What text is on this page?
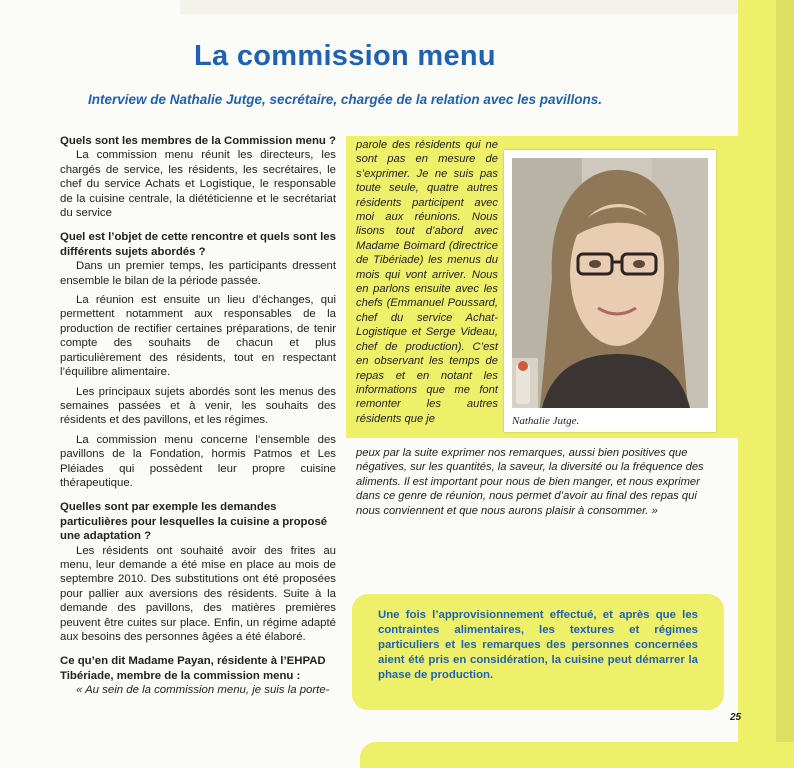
La commission menu
Interview de Nathalie Jutge, secrétaire, chargée de la relation avec les pavillons.
Quels sont les membres de la Commission menu ?

La commission menu réunit les directeurs, les chargés de service, les résidents, les secrétaires, le chef du service Achats et Logistique, le responsable de la cuisine centrale, la diététicienne et le secrétariat du service

Quel est l’objet de cette rencontre et quels sont les différents sujets abordés ?

Dans un premier temps, les participants dressent ensemble le bilan de la période passée.

La réunion est ensuite un lieu d’échanges, qui permettent notamment aux responsables de la production de rectifier certaines préparations, de tenir compte des souhaits de chacun et plus particulièrement des résidents, tout en respectant l’équilibre alimentaire.

Les principaux sujets abordés sont les menus des semaines passées et à venir, les souhaits des résidents et des pavillons, et les régimes.

La commission menu concerne l’ensemble des pavillons de la Fondation, hormis Patmos et Les Pléiades qui possèdent leur propre cuisine thérapeutique.

Quelles sont par exemple les demandes particulières pour lesquelles la cuisine a proposé une adaptation ?

Les résidents ont souhaité avoir des frites au menu, leur demande a été mise en place au mois de septembre 2010. Des substitutions ont été proposées pour pallier aux aversions des résidents. Suite à la demande des pavillons, des matières premières peuvent être cuites sur place. Enfin, un régime adapté aux besoins des personnes âgées a été élaboré.

Ce qu’en dit Madame Payan, résidente à l’EHPAD Tibériade, membre de la commission menu :

« Au sein de la commission menu, je suis la porte-

parole des résidents qui ne sont pas en mesure de s’exprimer. Je ne suis pas toute seule, quatre autres résidents participent avec moi aux réunions. Nous lisons tout d’abord avec Madame Boimard (directrice de Tibériade) les menus du mois qui vont arriver. Nous en parlons ensuite avec les chefs (Emmanuel Poussard, chef du service Achat-Logistique et Serge Videau, chef de production). C’est en observant les temps de repas et en notant les informations que me font remonter les autres résidents que je	Nathalie Jutge.

peux par la suite exprimer nos remarques, aussi bien positives que négatives, sur les quantités, la saveur, la diversité ou la fréquence des aliments. Il est important pour nous de bien manger, et nous exprimer dans ce genre de réunion, nous permet d’avoir au final des repas qui nous conviennent et que nous aurons plaisir à consommer. »

Une fois l’approvisionnement effectué, et après que les contraintes alimentaires, les textures et régimes particuliers et les remarques des personnes concernées aient été pris en considération, la cuisine peut démarrer la phase de production.

25
